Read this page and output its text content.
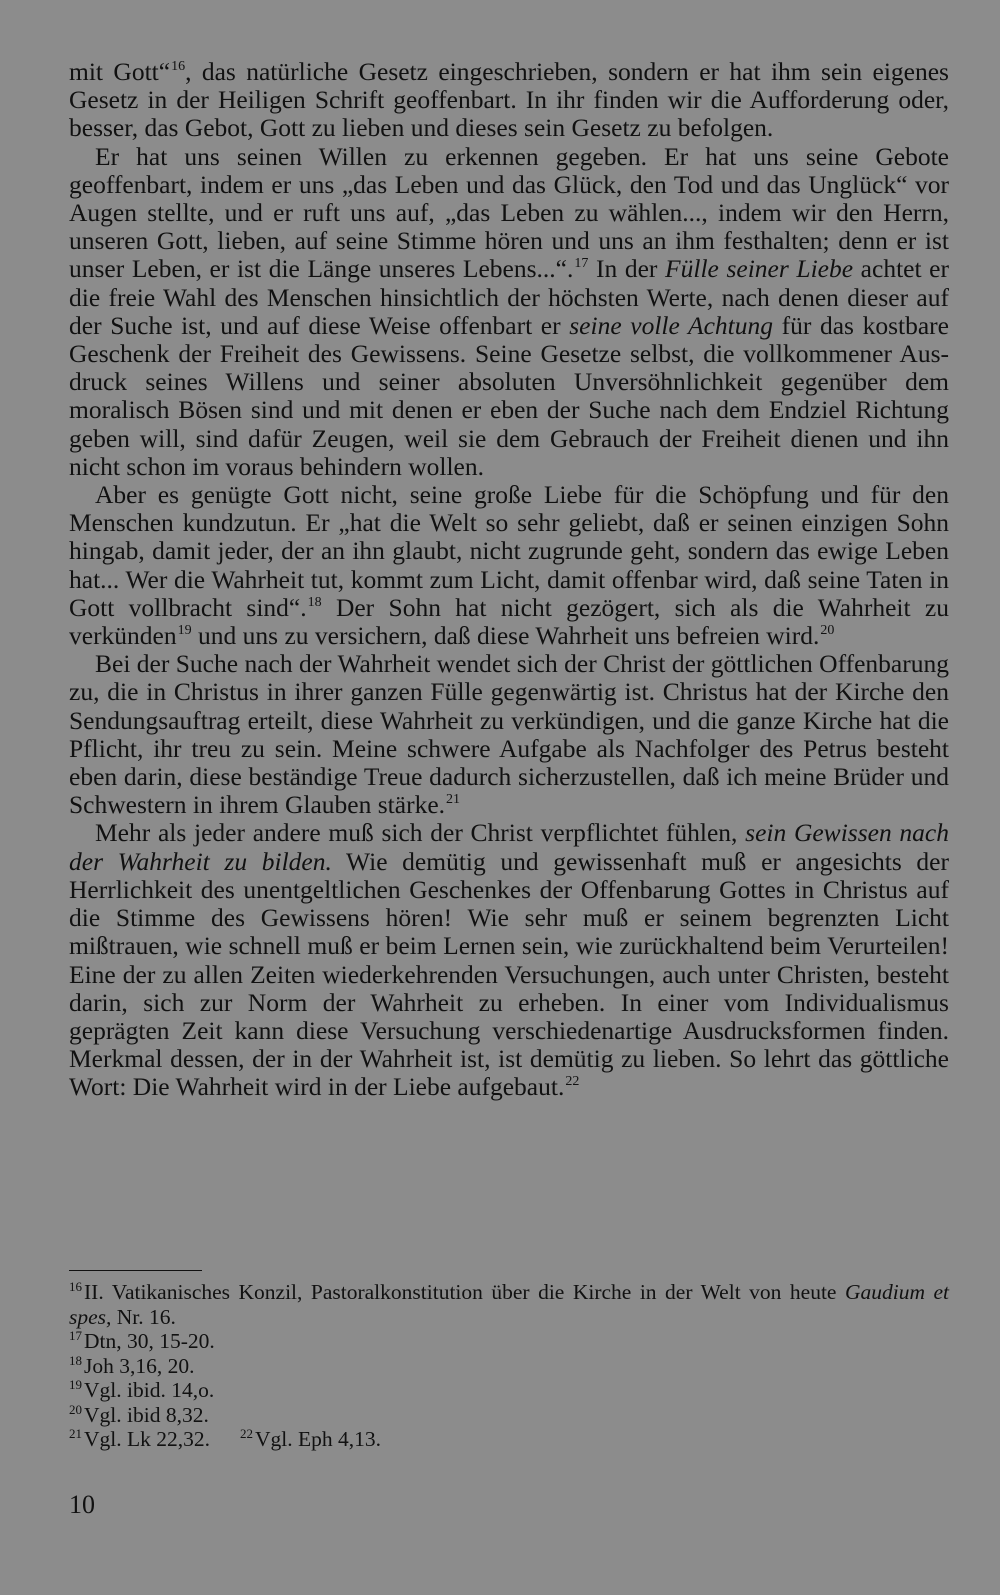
mit Gott“$^{16}$, das natürliche Gesetz eingeschrieben, sondern er hat ihm sein eigenes Gesetz in der Heiligen Schrift geoffenbart. In ihr finden wir die Aufforderung oder, besser, das Gebot, Gott zu lieben und dieses sein Gesetz zu befolgen.

Er hat uns seinen Willen zu erkennen gegeben. Er hat uns seine Gebote geoffenbart, indem er uns „das Leben und das Glück, den Tod und das Unglück“ vor Augen stellte, und er ruft uns auf, „das Leben zu wählen..., indem wir den Herrn, unseren Gott, lieben, auf seine Stimme hören und uns an ihm festhalten; denn er ist unser Leben, er ist die Länge unseres Lebens...“.$^{17}$ In der Fülle seiner Liebe achtet er die freie Wahl des Menschen hinsichtlich der höchsten Werte, nach denen dieser auf der Suche ist, und auf diese Weise offenbart er seine volle Achtung für das kostbare Geschenk der Freiheit des Gewissens. Seine Gesetze selbst, die vollkommener Ausdruck seines Willens und seiner absoluten Unversöhnlichkeit gegenüber dem moralisch Bösen sind und mit denen er eben der Suche nach dem Endziel Richtung geben will, sind dafür Zeugen, weil sie dem Gebrauch der Freiheit dienen und ihn nicht schon im voraus behindern wollen.

Aber es genügte Gott nicht, seine große Liebe für die Schöpfung und für den Menschen kundzutun. Er „hat die Welt so sehr geliebt, daß er seinen einzigen Sohn hingab, damit jeder, der an ihn glaubt, nicht zugrunde geht, sondern das ewige Leben hat... Wer die Wahrheit tut, kommt zum Licht, damit offenbar wird, daß seine Taten in Gott vollbracht sind“.$^{18}$ Der Sohn hat nicht gezögert, sich als die Wahrheit zu verkünden$^{19}$ und uns zu versichern, daß diese Wahrheit uns befreien wird.$^{20}$

Bei der Suche nach der Wahrheit wendet sich der Christ der göttlichen Offenbarung zu, die in Christus in ihrer ganzen Fülle gegenwärtig ist. Christus hat der Kirche den Sendungsauftrag erteilt, diese Wahrheit zu verkündigen, und die ganze Kirche hat die Pflicht, ihr treu zu sein. Meine schwere Aufgabe als Nachfolger des Petrus besteht eben darin, diese beständige Treue dadurch sicherzustellen, daß ich meine Brüder und Schwestern in ihrem Glauben stärke.$^{21}$

Mehr als jeder andere muß sich der Christ verpflichtet fühlen, sein Gewissen nach der Wahrheit zu bilden. Wie demütig und gewissenhaft muß er angesichts der Herrlichkeit des unentgeltlichen Geschenkes der Offenbarung Gottes in Christus auf die Stimme des Gewissens hören! Wie sehr muß er seinem begrenzten Licht mißtrauen, wie schnell muß er beim Lernen sein, wie zurückhaltend beim Verurteilen! Eine der zu allen Zeiten wiederkehrenden Versuchungen, auch unter Christen, besteht darin, sich zur Norm der Wahrheit zu erheben. In einer vom Individualismus geprägten Zeit kann diese Versuchung verschiedenartige Ausdrucksformen finden. Merkmal dessen, der in der Wahrheit ist, ist demütig zu lieben. So lehrt das göttliche Wort: Die Wahrheit wird in der Liebe aufgebaut.$^{22}$

$^{16}$II. Vatikanisches Konzil, Pastoralkonstitution über die Kirche in der Welt von heute Gaudium et spes, Nr. 16.

$^{17}$Dtn, 30, 15-20.

$^{18}$Joh 3,16, 20.

$^{19}$Vgl. ibid. 14,o.

$^{20}$Vgl. ibid 8,32.

$^{21}$Vgl. Lk 22,32. $^{22}$Vgl. Eph 4,13.

10
